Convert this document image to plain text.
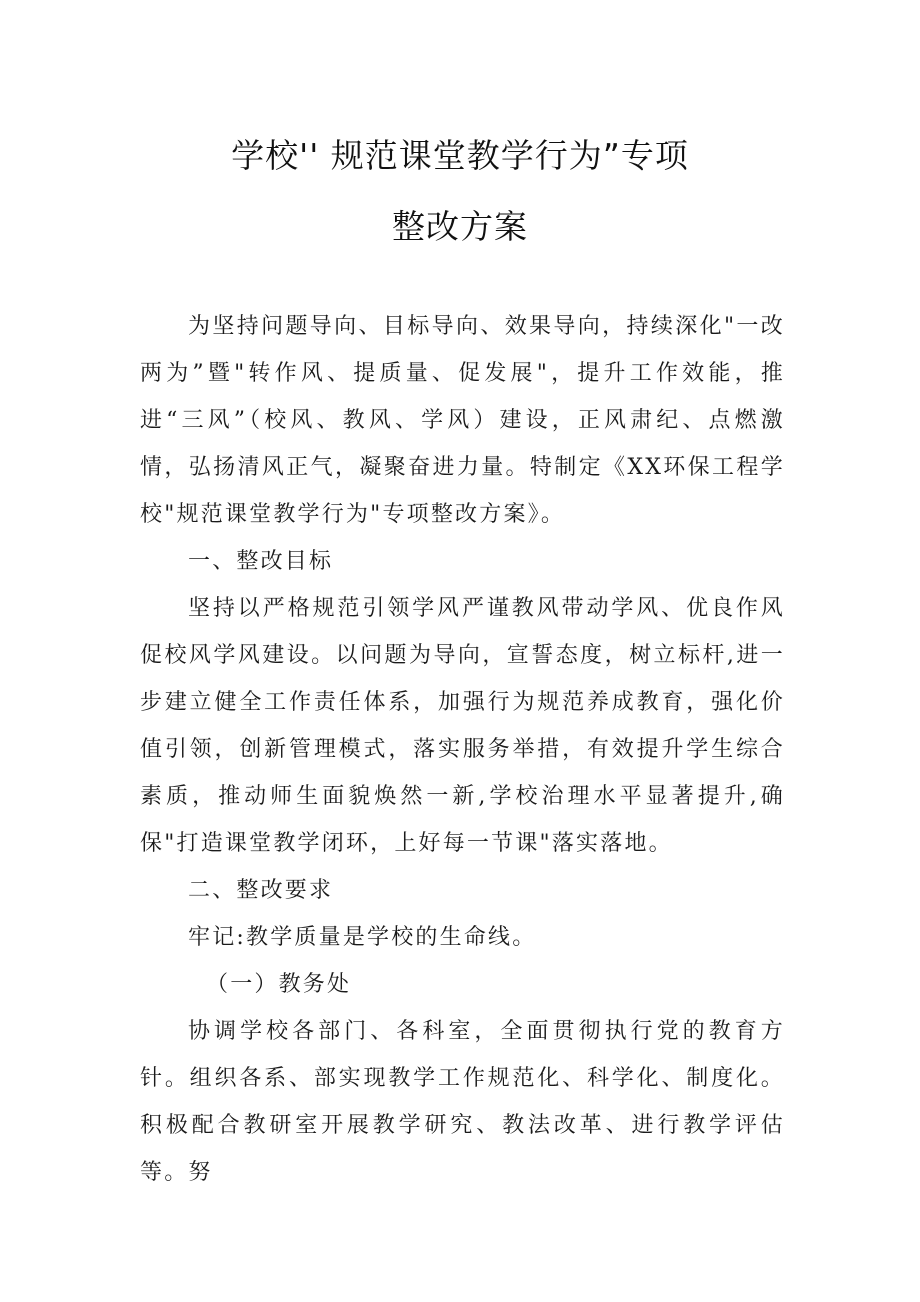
学校'' 规范课堂教学行为”专项
整改方案

为坚持问题导向、目标导向、效果导向，持续深化"一改两为”暨"转作风、提质量、促发展"，提升工作效能，推进“三风”（校风、教风、学风）建设，正风肃纪、点燃激情，弘扬清风正气，凝聚奋进力量。特制定《XX环保工程学校"规范课堂教学行为"专项整改方案》。

一、整改目标

坚持以严格规范引领学风严谨教风带动学风、优良作风促校风学风建设。以问题为导向，宣誓态度，树立标杆,进一步建立健全工作责任体系，加强行为规范养成教育，强化价值引领，创新管理模式，落实服务举措，有效提升学生综合素质，推动师生面貌焕然一新,学校治理水平显著提升,确保"打造课堂教学闭环，上好每一节课"落实落地。

二、整改要求

牢记:教学质量是学校的生命线。

（一）教务处

协调学校各部门、各科室，全面贯彻执行党的教育方针。组织各系、部实现教学工作规范化、科学化、制度化。积极配合教研室开展教学研究、教法改革、进行教学评估等。努
